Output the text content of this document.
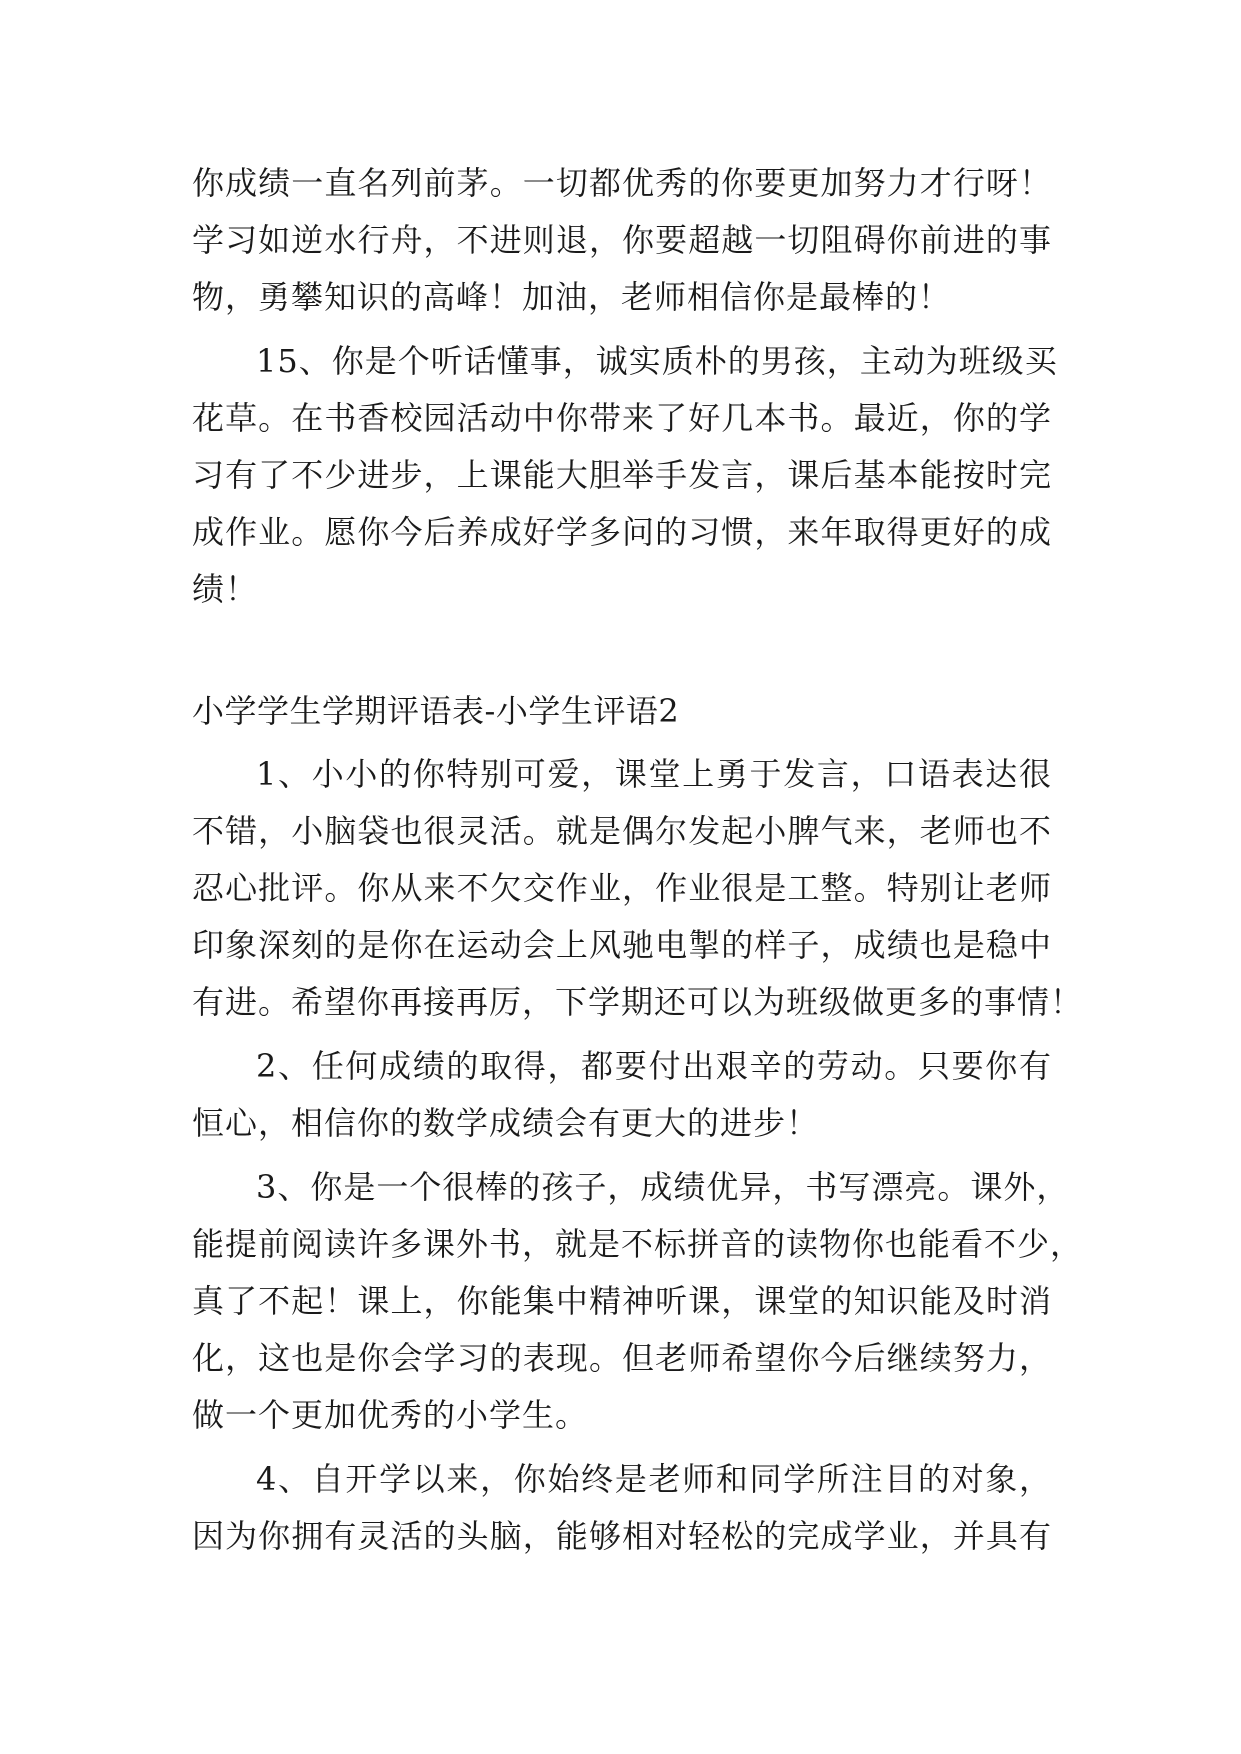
你成绩一直名列前茅。一切都优秀的你要更加努力才行呀！
学习如逆水行舟，不进则退，你要超越一切阻碍你前进的事
物，勇攀知识的高峰！加油，老师相信你是最棒的！
15、你是个听话懂事，诚实质朴的男孩，主动为班级买
花草。在书香校园活动中你带来了好几本书。最近，你的学
习有了不少进步，上课能大胆举手发言，课后基本能按时完
成作业。愿你今后养成好学多问的习惯，来年取得更好的成
绩！
小学学生学期评语表-小学生评语2
1、小小的你特别可爱，课堂上勇于发言，口语表达很
不错，小脑袋也很灵活。就是偶尔发起小脾气来，老师也不
忍心批评。你从来不欠交作业，作业很是工整。特别让老师
印象深刻的是你在运动会上风驰电掣的样子，成绩也是稳中
有进。希望你再接再厉，下学期还可以为班级做更多的事情！
2、任何成绩的取得，都要付出艰辛的劳动。只要你有
恒心，相信你的数学成绩会有更大的进步！
3、你是一个很棒的孩子，成绩优异，书写漂亮。课外，
能提前阅读许多课外书，就是不标拼音的读物你也能看不少，
真了不起！课上，你能集中精神听课，课堂的知识能及时消
化，这也是你会学习的表现。但老师希望你今后继续努力，
做一个更加优秀的小学生。
4、自开学以来，你始终是老师和同学所注目的对象，
因为你拥有灵活的头脑，能够相对轻松的完成学业，并具有
